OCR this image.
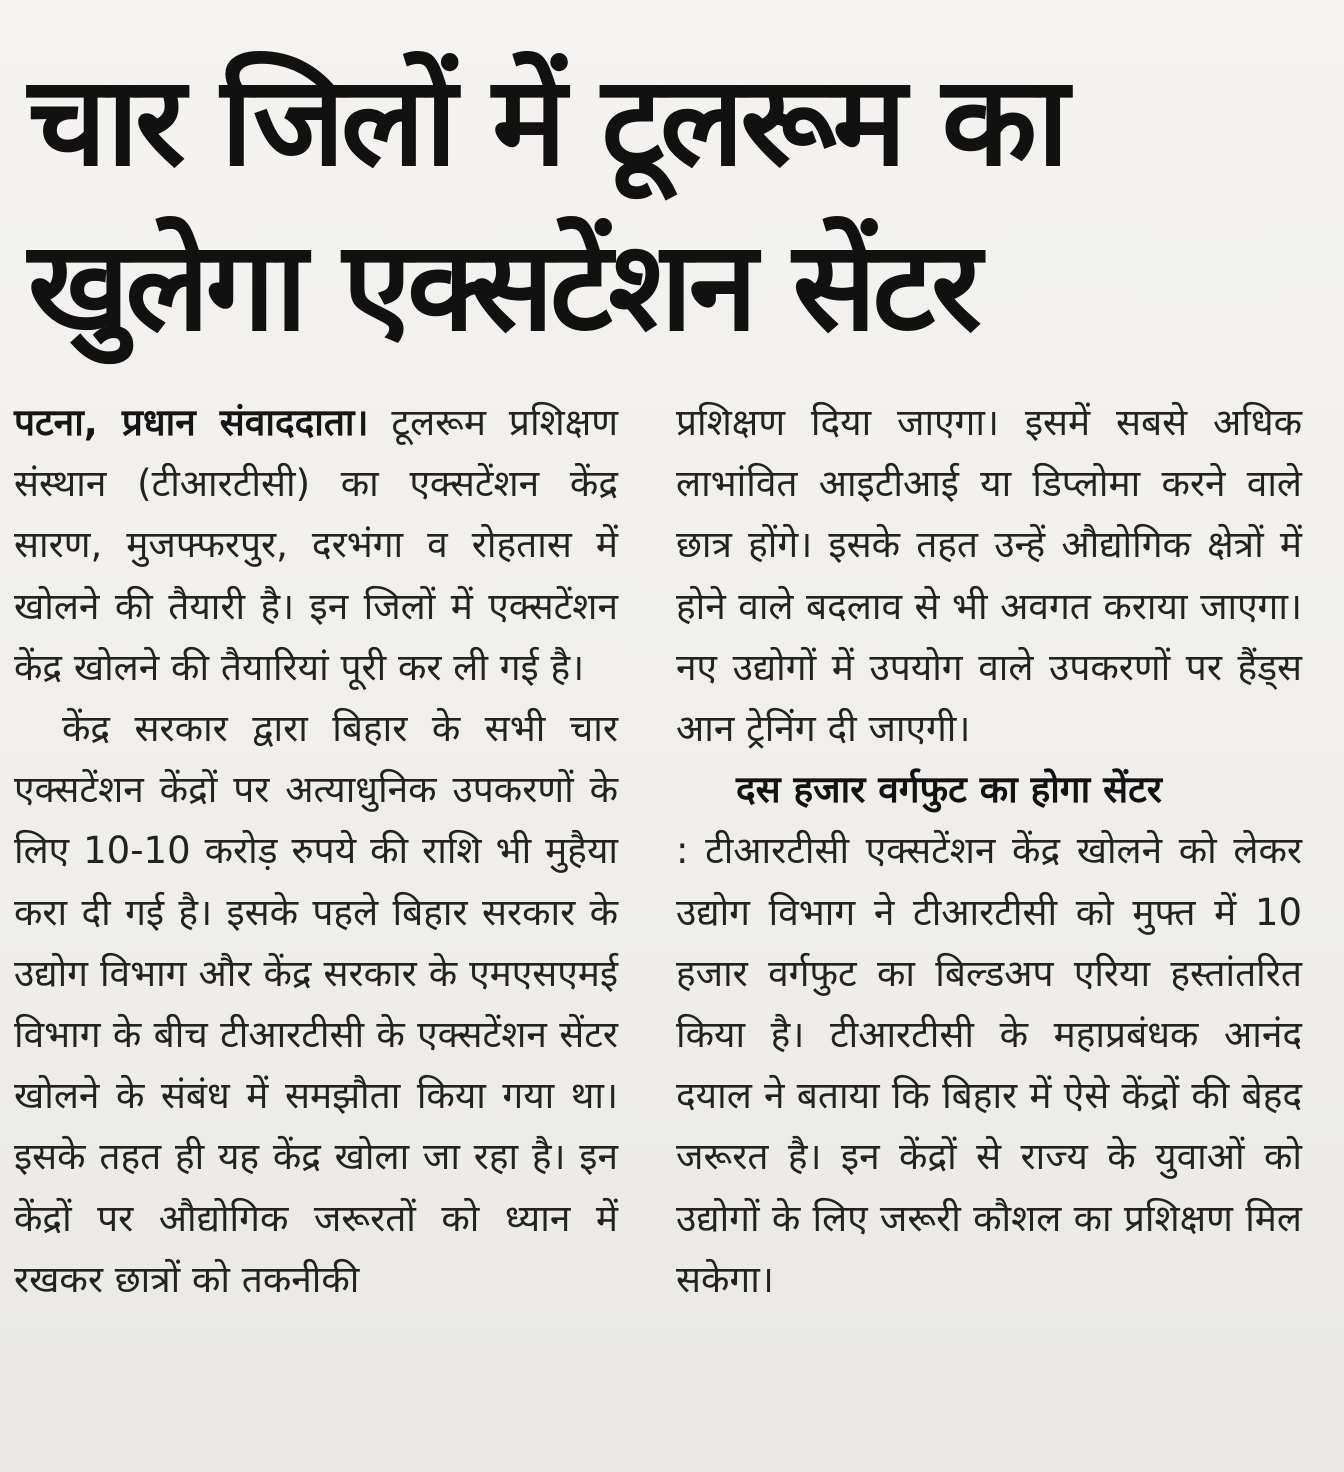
चार जिलों में टूलरूम का
खुलेगा एक्सटेंशन सेंटर

पटना, प्रधान संवाददाता। टूलरूम प्रशिक्षण संस्थान (टीआरटीसी) का एक्सटेंशन केंद्र सारण, मुजफ्फरपुर, दरभंगा व रोहतास में खोलने की तैयारी है। इन जिलों में एक्सटेंशन केंद्र खोलने की तैयारियां पूरी कर ली गई है।

केंद्र सरकार द्वारा बिहार के सभी चार एक्सटेंशन केंद्रों पर अत्याधुनिक उपकरणों के लिए 10-10 करोड़ रुपये की राशि भी मुहैया करा दी गई है। इसके पहले बिहार सरकार के उद्योग विभाग और केंद्र सरकार के एमएसएमई विभाग के बीच टीआरटीसी के एक्सटेंशन सेंटर खोलने के संबंध में समझौता किया गया था। इसके तहत ही यह केंद्र खोला जा रहा है। इन केंद्रों पर औद्योगिक जरूरतों को ध्यान में रखकर छात्रों को तकनीकी

प्रशिक्षण दिया जाएगा। इसमें सबसे अधिक लाभांवित आइटीआई या डिप्लोमा करने वाले छात्र होंगे। इसके तहत उन्हें औद्योगिक क्षेत्रों में होने वाले बदलाव से भी अवगत कराया जाएगा। नए उद्योगों में उपयोग वाले उपकरणों पर हैंड्स आन ट्रेनिंग दी जाएगी।

दस हजार वर्गफुट का होगा सेंटर

: टीआरटीसी एक्सटेंशन केंद्र खोलने को लेकर उद्योग विभाग ने टीआरटीसी को मुफ्त में 10 हजार वर्गफुट का बिल्डअप एरिया हस्तांतरित किया है। टीआरटीसी के महाप्रबंधक आनंद दयाल ने बताया कि बिहार में ऐसे केंद्रों की बेहद जरूरत है। इन केंद्रों से राज्य के युवाओं को उद्योगों के लिए जरूरी कौशल का प्रशिक्षण मिल सकेगा।
